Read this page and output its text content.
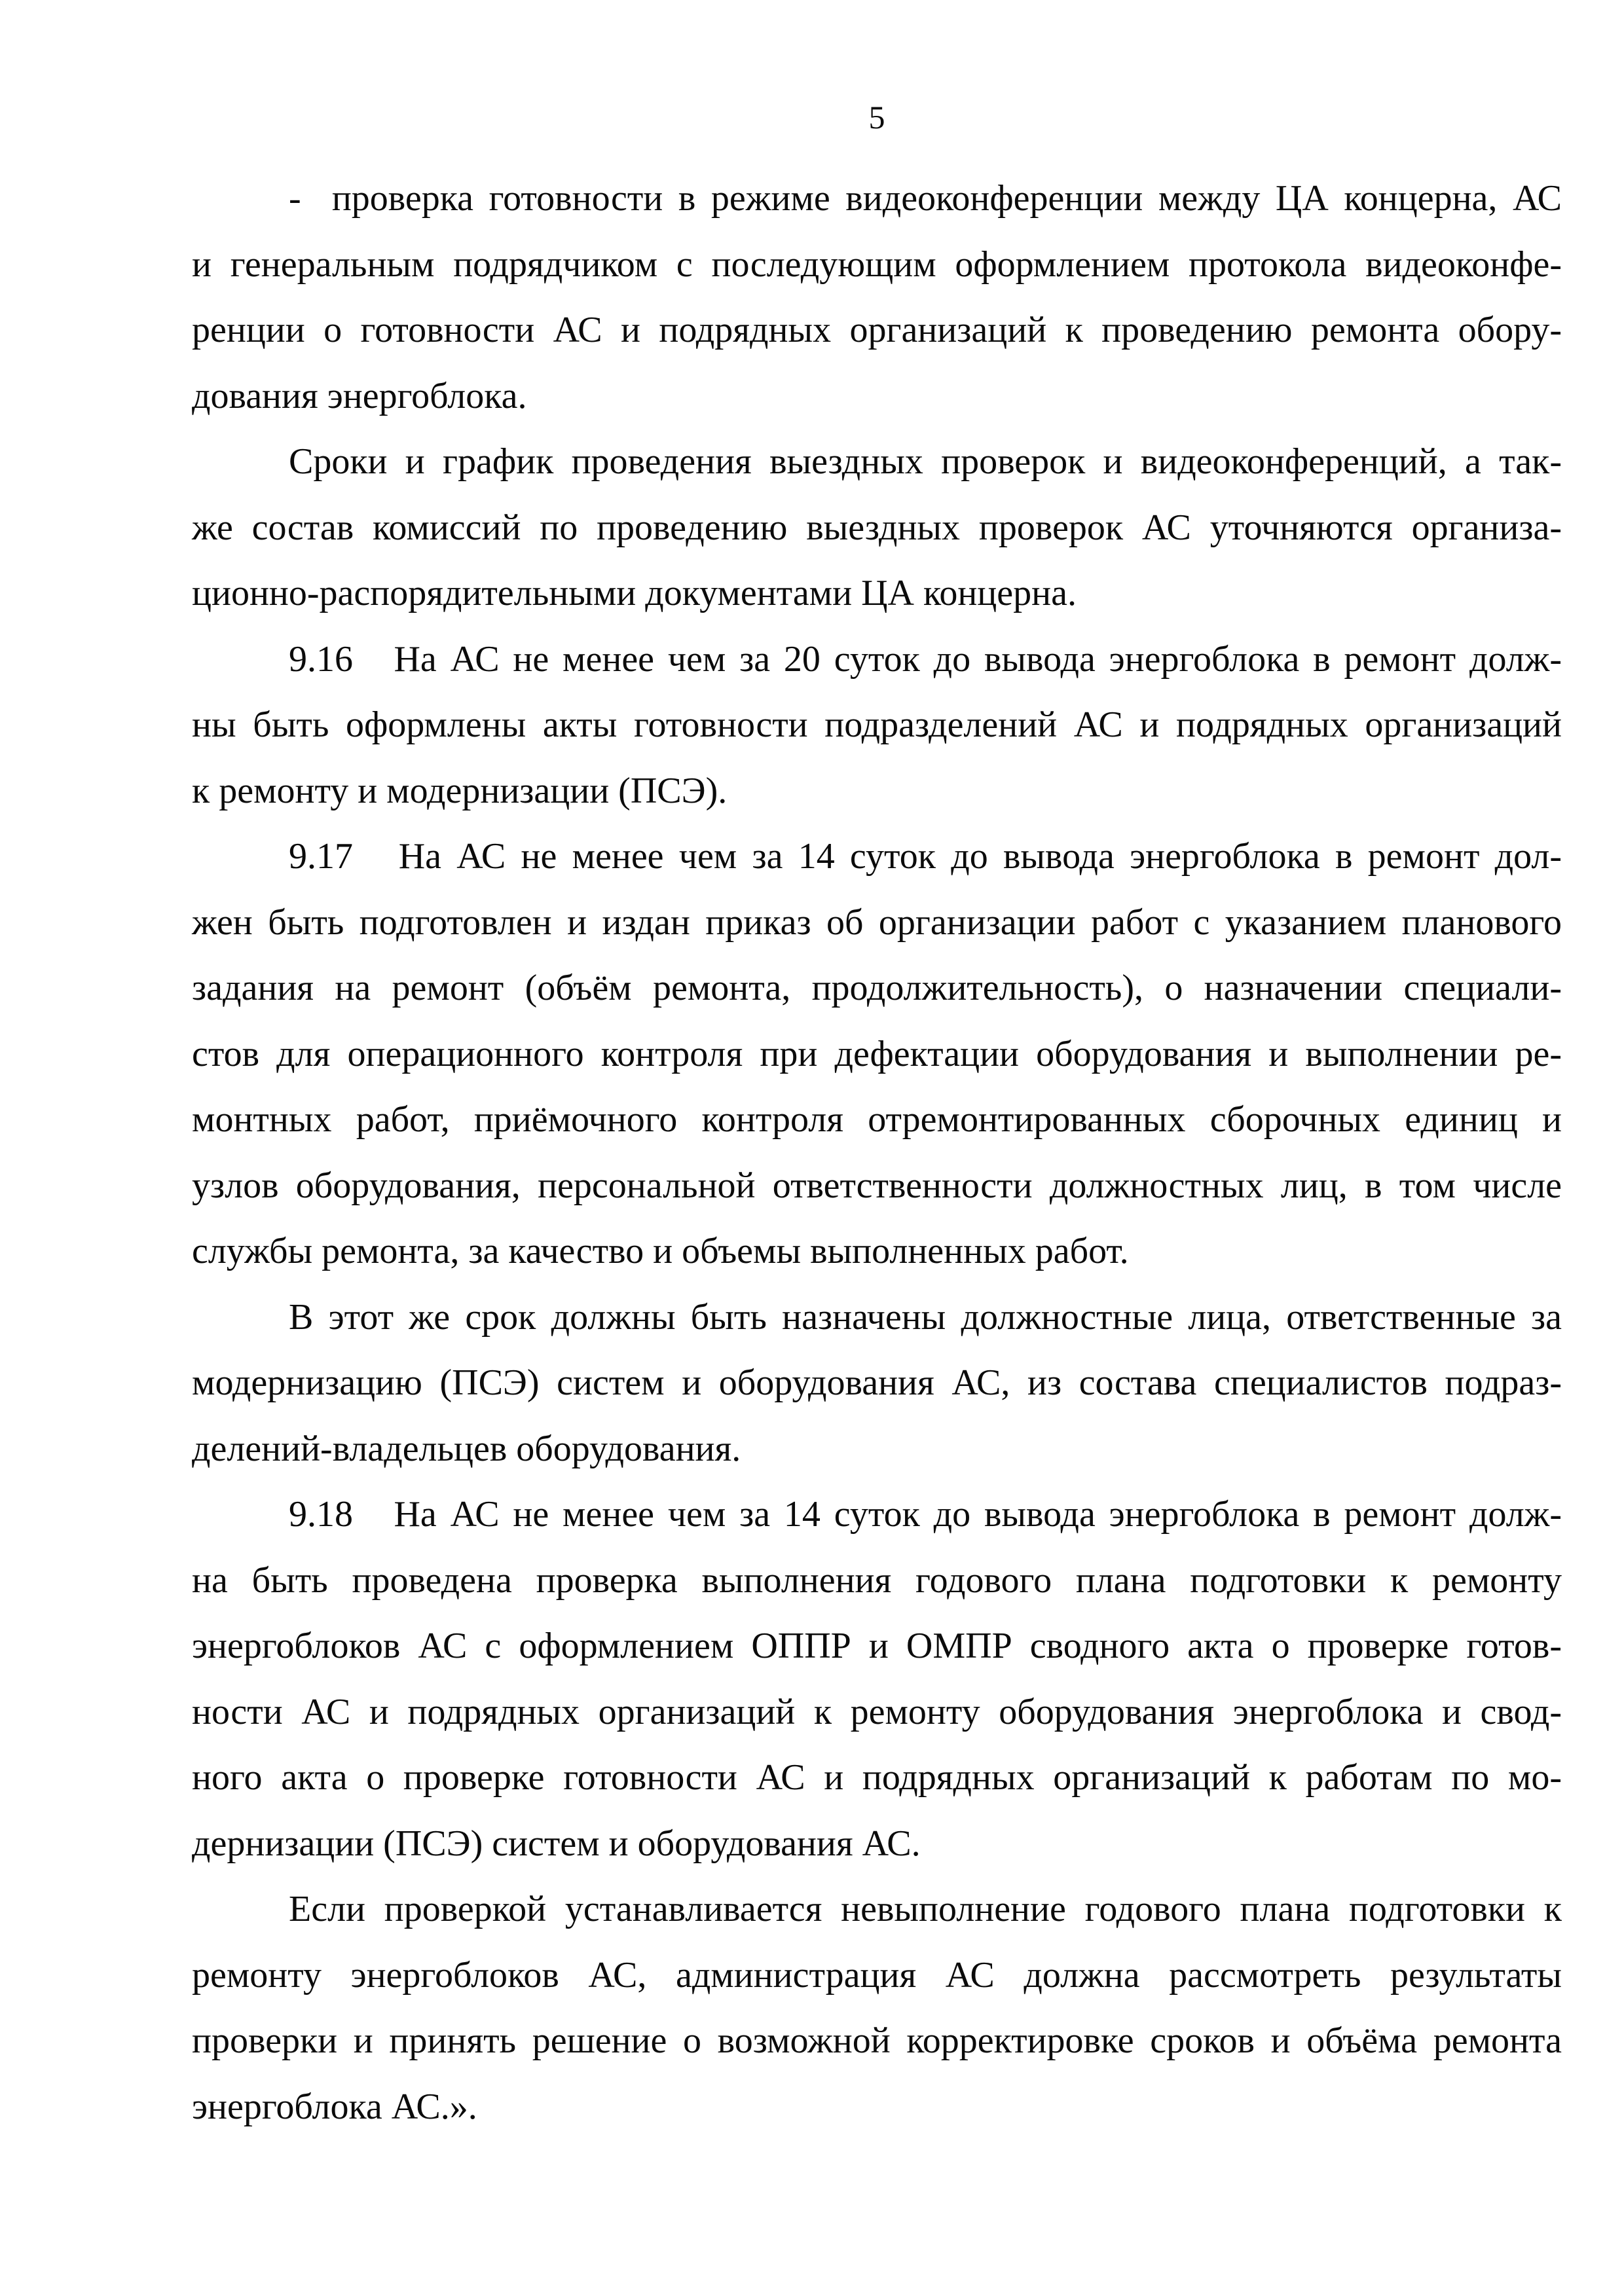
5
-  проверка готовности в режиме видеоконференции между ЦА концерна, АС
и генеральным подрядчиком с последующим оформлением протокола видеоконфе-
ренции о готовности АС и подрядных организаций к проведению ремонта обору-
дования энергоблока.
Сроки и график проведения выездных проверок и видеоконференций, а так-
же состав комиссий по проведению выездных проверок АС уточняются организа-
ционно-распорядительными документами ЦА концерна.
9.16   На АС не менее чем за 20 суток до вывода энергоблока в ремонт долж-
ны быть оформлены акты готовности подразделений АС и подрядных организаций
к ремонту и модернизации (ПСЭ).
9.17   На АС не менее чем за 14 суток до вывода энергоблока в ремонт дол-
жен быть подготовлен и издан приказ об организации работ с указанием планового
задания на ремонт (объём ремонта, продолжительность), о назначении специали-
стов для операционного контроля при дефектации оборудования и выполнении ре-
монтных работ, приёмочного контроля отремонтированных сборочных единиц и
узлов оборудования, персональной ответственности должностных лиц, в том числе
службы ремонта, за качество и объемы выполненных работ.
В этот же срок должны быть назначены должностные лица, ответственные за
модернизацию (ПСЭ) систем и оборудования АС, из состава специалистов подраз-
делений-владельцев оборудования.
9.18   На АС не менее чем за 14 суток до вывода энергоблока в ремонт долж-
на быть проведена проверка выполнения годового плана подготовки к ремонту
энергоблоков АС с оформлением ОППР и ОМПР сводного акта о проверке готов-
ности АС и подрядных организаций к ремонту оборудования энергоблока и свод-
ного акта о проверке готовности АС и подрядных организаций к работам по мо-
дернизации (ПСЭ) систем и оборудования АС.
Если проверкой устанавливается невыполнение годового плана подготовки к
ремонту энергоблоков АС, администрация АС должна рассмотреть результаты
проверки и принять решение о возможной корректировке сроков и объёма ремонта
энергоблока АС.».
